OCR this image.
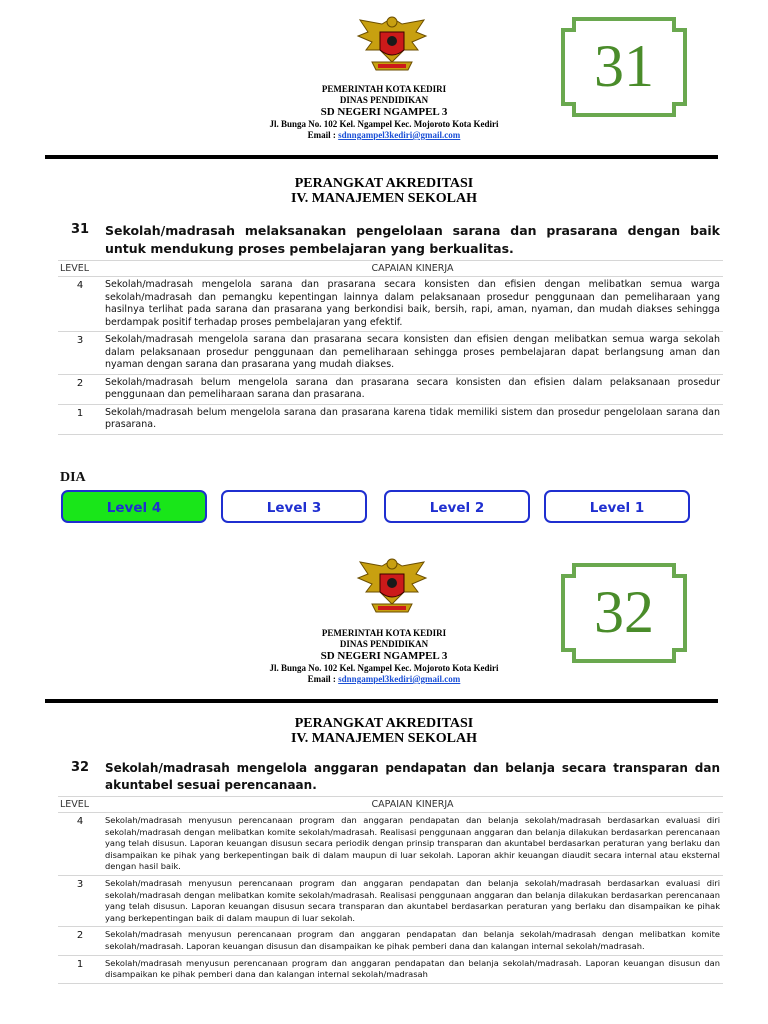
PEMERINTAH KOTA KEDIRI
DINAS PENDIDIKAN
SD NEGERI NGAMPEL 3
Jl. Bunga No. 102 Kel. Ngampel Kec. Mojoroto Kota Kediri
Email : sdnngampel3kediri@gmail.com
31
PERANGKAT AKREDITASI
IV. MANAJEMEN SEKOLAH
31	Sekolah/madrasah melaksanakan pengelolaan sarana dan prasarana dengan baik untuk mendukung proses pembelajaran yang berkualitas.
LEVEL	CAPAIAN KINERJA
4	Sekolah/madrasah mengelola sarana dan prasarana secara konsisten dan efisien dengan melibatkan semua warga sekolah/madrasah dan pemangku kepentingan lainnya dalam pelaksanaan prosedur penggunaan dan pemeliharaan yang hasilnya terlihat pada sarana dan prasarana yang berkondisi baik, bersih, rapi, aman, nyaman, dan mudah diakses sehingga berdampak positif terhadap proses pembelajaran yang efektif.
3	Sekolah/madrasah mengelola sarana dan prasarana secara konsisten dan efisien dengan melibatkan semua warga sekolah dalam pelaksanaan prosedur penggunaan dan pemeliharaan sehingga proses pembelajaran dapat berlangsung aman dan nyaman dengan sarana dan prasarana yang mudah diakses.
2	Sekolah/madrasah belum mengelola sarana dan prasarana secara konsisten dan efisien dalam pelaksanaan prosedur penggunaan dan pemeliharaan sarana dan prasarana.
1	Sekolah/madrasah belum mengelola sarana dan prasarana karena tidak memiliki sistem dan prosedur pengelolaan sarana dan prasarana.
DIA
Level 4	Level 3	Level 2	Level 1
PEMERINTAH KOTA KEDIRI
DINAS PENDIDIKAN
SD NEGERI NGAMPEL 3
Jl. Bunga No. 102 Kel. Ngampel Kec. Mojoroto Kota Kediri
Email : sdnngampel3kediri@gmail.com
32
PERANGKAT AKREDITASI
IV. MANAJEMEN SEKOLAH
32	Sekolah/madrasah mengelola anggaran pendapatan dan belanja secara transparan dan akuntabel sesuai perencanaan.
LEVEL	CAPAIAN KINERJA
4	Sekolah/madrasah menyusun perencanaan program dan anggaran pendapatan dan belanja sekolah/madrasah berdasarkan evaluasi diri sekolah/madrasah dengan melibatkan komite sekolah/madrasah. Realisasi penggunaan anggaran dan belanja dilakukan berdasarkan perencanaan yang telah disusun. Laporan keuangan disusun secara periodik dengan prinsip transparan dan akuntabel berdasarkan peraturan yang berlaku dan disampaikan ke pihak yang berkepentingan baik di dalam maupun di luar sekolah. Laporan akhir keuangan diaudit secara internal atau eksternal dengan hasil baik.
3	Sekolah/madrasah menyusun perencanaan program dan anggaran pendapatan dan belanja sekolah/madrasah berdasarkan evaluasi diri sekolah/madrasah dengan melibatkan komite sekolah/madrasah. Realisasi penggunaan anggaran dan belanja dilakukan berdasarkan perencanaan yang telah disusun. Laporan keuangan disusun secara transparan dan akuntabel berdasarkan peraturan yang berlaku dan disampaikan ke pihak yang berkepentingan baik di dalam maupun di luar sekolah.
2	Sekolah/madrasah menyusun perencanaan program dan anggaran pendapatan dan belanja sekolah/madrasah dengan melibatkan komite sekolah/madrasah. Laporan keuangan disusun dan disampaikan ke pihak pemberi dana dan kalangan internal sekolah/madrasah.
1	Sekolah/madrasah menyusun perencanaan program dan anggaran pendapatan dan belanja sekolah/madrasah. Laporan keuangan disusun dan disampaikan ke pihak pemberi dana dan kalangan internal sekolah/madrasah
